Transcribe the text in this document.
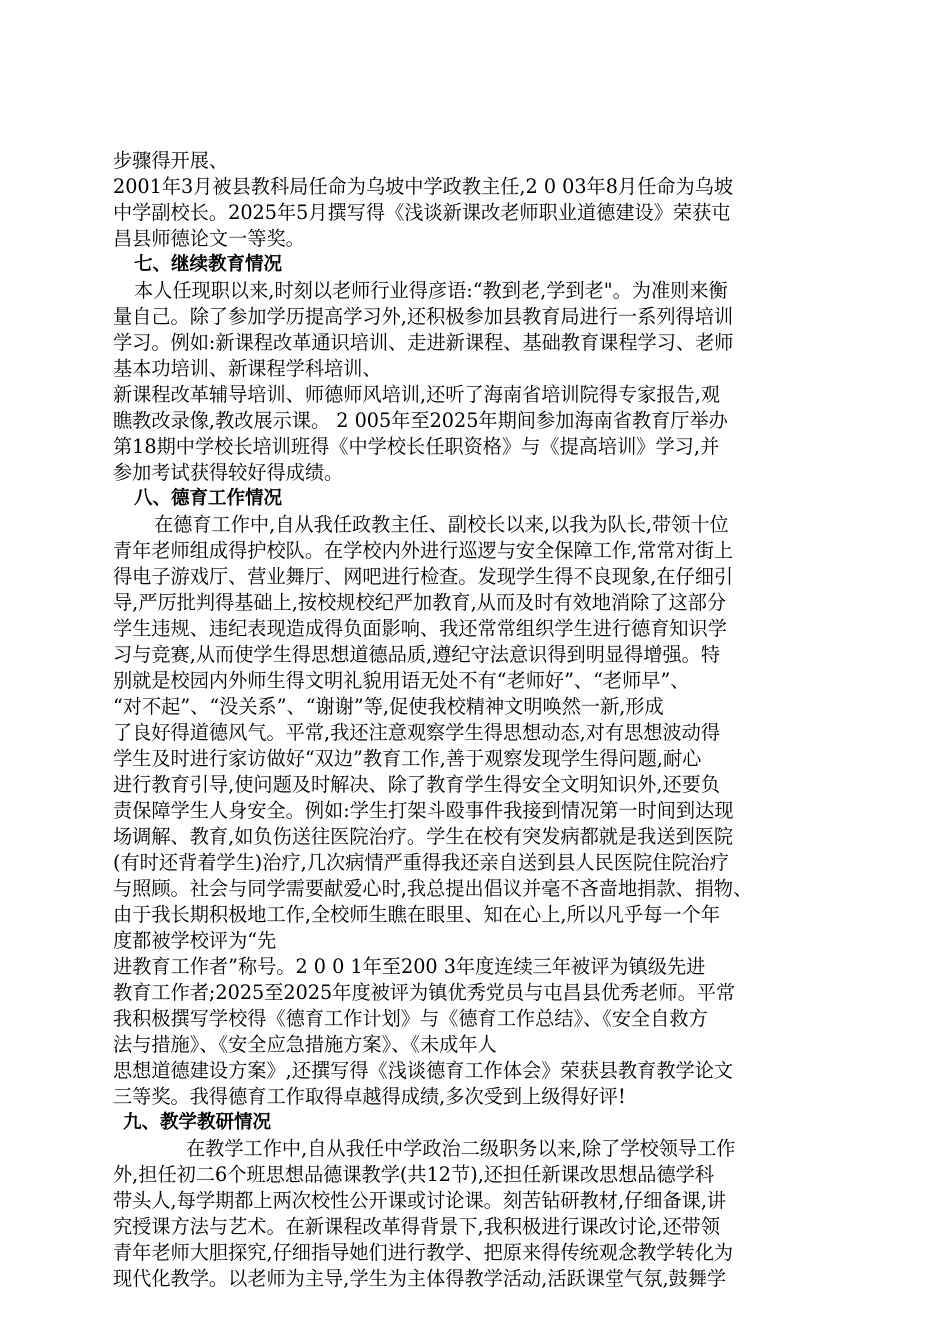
步骤得开展、
2001年3月被县教科局任命为乌坡中学政教主任,2 0 03年8月任命为乌坡
中学副校长。2025年5月撰写得《浅谈新课改老师职业道德建设》荣获屯
昌县师德论文一等奖。
七、继续教育情况
本人任现职以来,时刻以老师行业得彦语:“教到老,学到老"。为准则来衡
量自己。除了参加学历提高学习外,还积极参加县教育局进行一系列得培训
学习。例如:新课程改革通识培训、走进新课程、基础教育课程学习、老师
基本功培训、新课程学科培训、
新课程改革辅导培训、师德师风培训,还听了海南省培训院得专家报告,观
瞧教改录像,教改展示课。 2 005年至2025年期间参加海南省教育厅举办
第18期中学校长培训班得《中学校长任职资格》与《提高培训》学习,并
参加考试获得较好得成绩。
八、德育工作情况
在德育工作中,自从我任政教主任、副校长以来,以我为队长,带领十位
青年老师组成得护校队。在学校内外进行巡逻与安全保障工作,常常对街上
得电子游戏厅、营业舞厅、网吧进行检查。发现学生得不良现象,在仔细引
导,严厉批判得基础上,按校规校纪严加教育,从而及时有效地消除了这部分
学生违规、违纪表现造成得负面影响、我还常常组织学生进行德育知识学
习与竞赛,从而使学生得思想道德品质,遵纪守法意识得到明显得增强。特
别就是校园内外师生得文明礼貌用语无处不有“老师好”、“老师早”、
“对不起”、“没关系”、“谢谢”等,促使我校精神文明唤然一新,形成
了良好得道德风气。平常,我还注意观察学生得思想动态,对有思想波动得
学生及时进行家访做好“双边”教育工作,善于观察发现学生得问题,耐心
进行教育引导,使问题及时解决、除了教育学生得安全文明知识外,还要负
责保障学生人身安全。例如:学生打架斗殴事件我接到情况第一时间到达现
场调解、教育,如负伤送往医院治疗。学生在校有突发病都就是我送到医院
(有时还背着学生)治疗,几次病情严重得我还亲自送到县人民医院住院治疗
与照顾。社会与同学需要献爱心时,我总提出倡议并毫不吝啬地捐款、捐物、
由于我长期积极地工作,全校师生瞧在眼里、知在心上,所以凡乎每一个年
度都被学校评为“先
进教育工作者”称号。2 0 0 1年至200 3年度连续三年被评为镇级先进
教育工作者;2025至2025年度被评为镇优秀党员与屯昌县优秀老师。平常
我积极撰写学校得《德育工作计划》与《德育工作总结》、《安全自救方
法与措施》、《安全应急措施方案》、《未成年人
思想道德建设方案》,还撰写得《浅谈德育工作体会》荣获县教育教学论文
三等奖。我得德育工作取得卓越得成绩,多次受到上级得好评!
九、教学教研情况
在教学工作中,自从我任中学政治二级职务以来,除了学校领导工作
外,担任初二6个班思想品德课教学(共12节),还担任新课改思想品德学科
带头人,每学期都上两次校性公开课或讨论课。刻苦钻研教材,仔细备课,讲
究授课方法与艺术。在新课程改革得背景下,我积极进行课改讨论,还带领
青年老师大胆探究,仔细指导她们进行教学、把原来得传统观念教学转化为
现代化教学。以老师为主导,学生为主体得教学活动,活跃课堂气氛,鼓舞学
